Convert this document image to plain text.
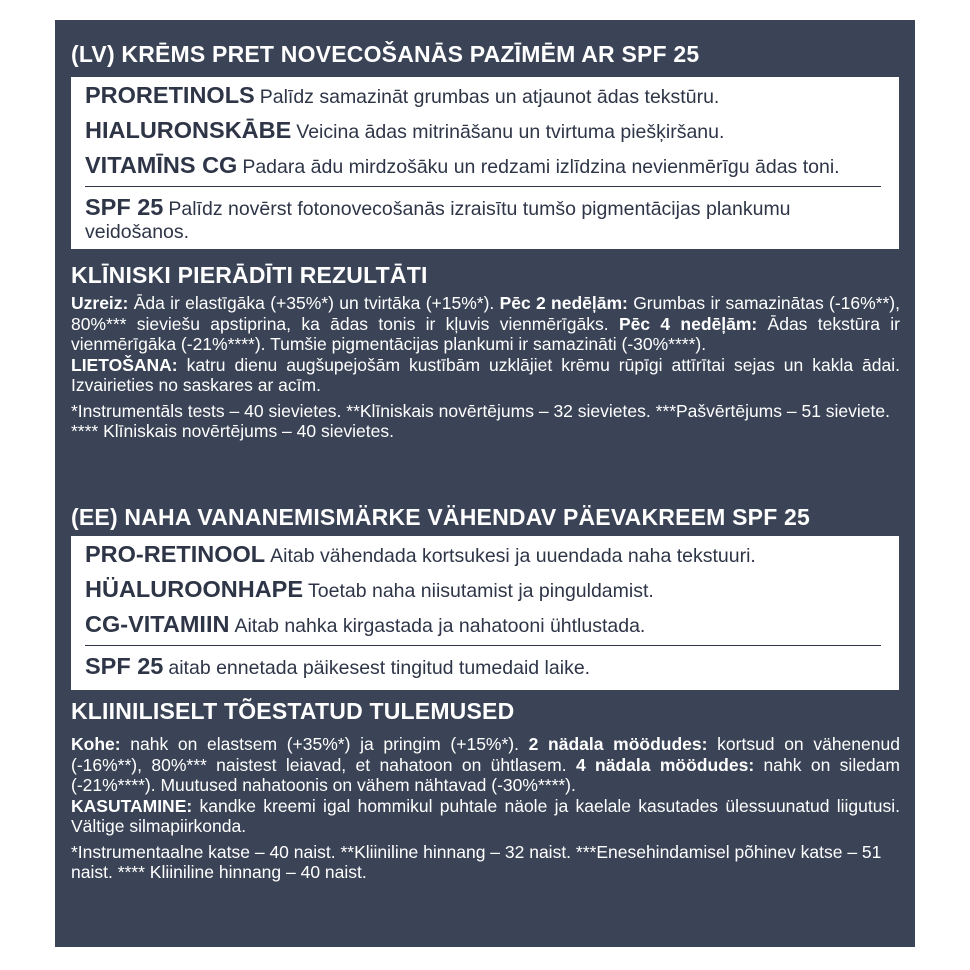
(LV) KRĒMS PRET NOVECOŠANĀS PAZĪMĒM AR SPF 25
PRORETINOLS Palīdz samazināt grumbas un atjaunot ādas tekstūru.
HIALURONSKĀBE Veicina ādas mitrināšanu un tvirtuma piešķiršanu.
VITAMĪNS CG Padara ādu mirdzošāku un redzami izlīdzina nevienmērīgu ādas toni.
SPF 25 Palīdz novērst fotonovecošanās izraisītu tumšo pigmentācijas plankumu veidošanos.
KLĪNISKI PIERĀDĪTI REZULTĀTI

Uzreiz: Āda ir elastīgāka (+35%*) un tvirtāka (+15%*). Pēc 2 nedēļām: Grumbas ir samazinātas (-16%**), 80%*** sieviešu apstiprina, ka ādas tonis ir kļuvis vienmērīgāks. Pēc 4 nedēļām: Ādas tekstūra ir vienmērīgāka (-21%****). Tumšie pigmentācijas plankumi ir samazināti (-30%****).

LIETOŠANA: katru dienu augšupejošām kustībām uzklājiet krēmu rūpīgi attīrītai sejas un kakla ādai. Izvairieties no saskares ar acīm.

*Instrumentāls tests – 40 sievietes. **Klīniskais novērtējums – 32 sievietes. ***Pašvērtējums – 51 sieviete. **** Klīniskais novērtējums – 40 sievietes.

(EE) NAHA VANANEMISMÄRKE VÄHENDAV PÄEVAKREEM SPF 25
PRO-RETINOOL Aitab vähendada kortsukesi ja uuendada naha tekstuuri.
HÜALUROONHAPE Toetab naha niisutamist ja pinguldamist.
CG-VITAMIIN Aitab nahka kirgastada ja nahatooni ühtlustada.
SPF 25 aitab ennetada päikesest tingitud tumedaid laike.
KLIINILISELT TÕESTATUD TULEMUSED

Kohe: nahk on elastsem (+35%*) ja pringim (+15%*). 2 nädala möödudes: kortsud on vähenenud (-16%**), 80%*** naistest leiavad, et nahatoon on ühtlasem. 4 nädala möödudes: nahk on siledam (-21%****). Muutused nahatoonis on vähem nähtavad (-30%****).

KASUTAMINE: kandke kreemi igal hommikul puhtale näole ja kaelale kasutades ülessuunatud liigutusi. Vältige silmapiirkonda.

*Instrumentaalne katse – 40 naist. **Kliiniline hinnang – 32 naist. ***Enesehindamisel põhinev katse – 51 naist. **** Kliiniline hinnang – 40 naist.
